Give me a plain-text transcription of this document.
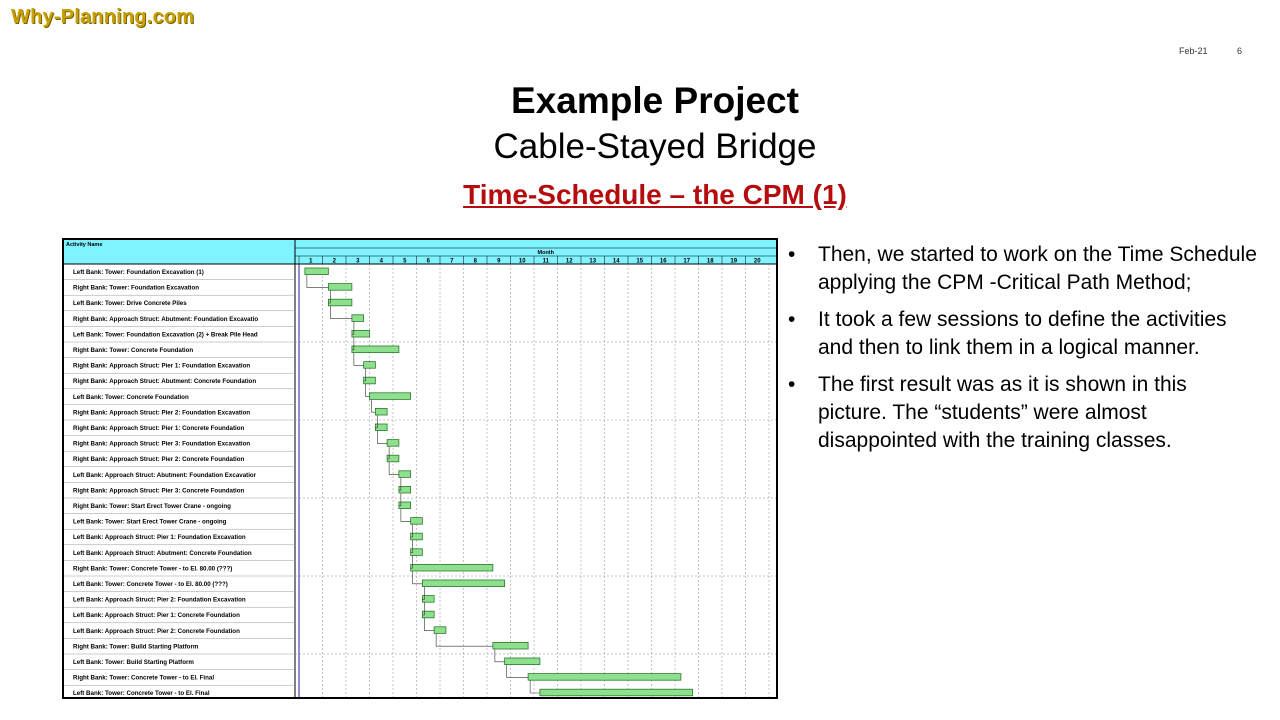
Why-Planning.com
Feb-21	6
Example Project
Cable-Stayed Bridge
Time-Schedule – the CPM (1)
Activity Name
Month
1	2	3	4	5	6	7	8	9	10	11	12	13	14	15	16	17	18	19	20
Left Bank: Tower: Foundation Excavation (1)
Right Bank: Tower: Foundation Excavation
Left Bank: Tower: Drive Concrete Piles
Right Bank: Approach Struct: Abutment: Foundation Excavatio
Left Bank: Tower: Foundation Excavation (2) + Break Pile Head
Right Bank: Tower: Concrete Foundation
Right Bank: Approach Struct: Pier 1: Foundation Excavation
Right Bank: Approach Struct: Abutment: Concrete Foundation
Left Bank: Tower: Concrete Foundation
Right Bank: Approach Struct: Pier 2: Foundation Excavation
Right Bank: Approach Struct: Pier 1: Concrete Foundation
Right Bank: Approach Struct: Pier 3: Foundation Excavation
Right Bank: Approach Struct: Pier 2: Concrete Foundation
Left Bank: Approach Struct: Abutment: Foundation Excavatior
Right Bank: Approach Struct: Pier 3: Concrete Foundation
Right Bank: Tower: Start Erect Tower Crane - ongoing
Left Bank: Tower: Start Erect Tower Crane - ongoing
Left Bank: Approach Struct: Pier 1: Foundation Excavation
Left Bank: Approach Struct: Abutment: Concrete Foundation
Right Bank: Tower: Concrete Tower - to El. 80.00 (???)
Left Bank: Tower: Concrete Tower - to El. 80.00 (???)
Left Bank: Approach Struct: Pier 2: Foundation Excavation
Left Bank: Approach Struct: Pier 1: Concrete Foundation
Left Bank: Approach Struct: Pier 2: Concrete Foundation
Right Bank: Tower: Build Starting Platform
Left Bank: Tower: Build Starting Platform
Right Bank: Tower: Concrete Tower - to El. Final
Left Bank: Tower: Concrete Tower - to El. Final
• Then, we started to work on the Time Schedule applying the CPM -Critical Path Method;
• It took a few sessions to define the activities and then to link them in a logical manner.
• The first result was as it is shown in this picture. The “students” were almost disappointed with the training classes.
